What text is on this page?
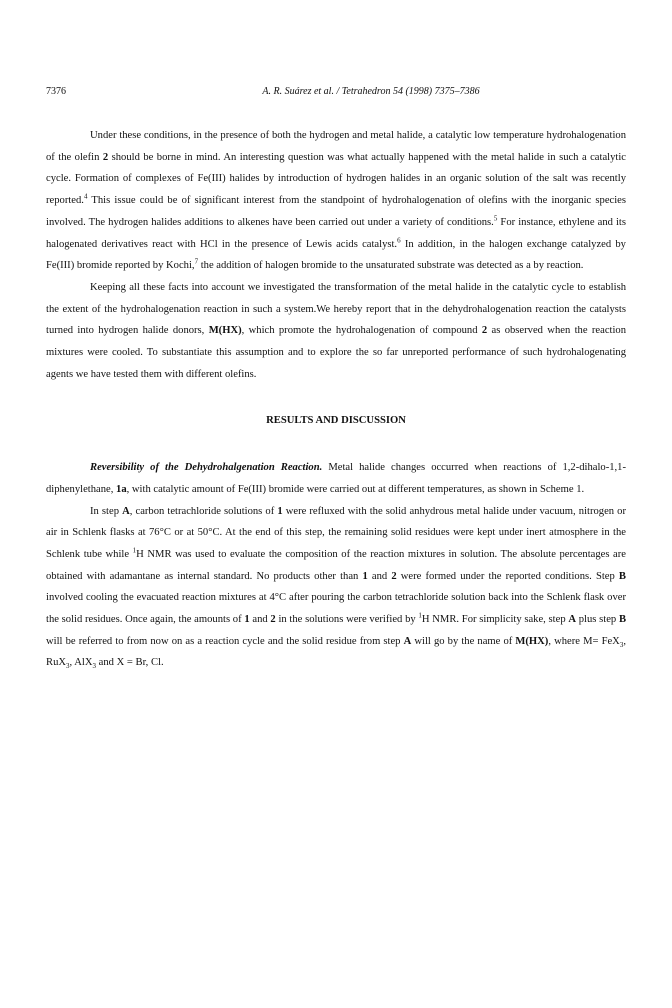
7376	A. R. Suárez et al. / Tetrahedron 54 (1998) 7375–7386

Under these conditions, in the presence of both the hydrogen and metal halide, a catalytic low temperature hydrohalogenation of the olefin 2 should be borne in mind. An interesting question was what actually happened with the metal halide in such a catalytic cycle. Formation of complexes of Fe(III) halides by introduction of hydrogen halides in an organic solution of the salt was recently reported.$^4$ This issue could be of significant interest from the standpoint of hydrohalogenation of olefins with the inorganic species involved. The hydrogen halides additions to alkenes have been carried out under a variety of conditions.$^5$ For instance, ethylene and its halogenated derivatives react with HCl in the presence of Lewis acids catalyst.$^6$ In addition, in the halogen exchange catalyzed by Fe(III) bromide reported by Kochi,$^7$ the addition of halogen bromide to the unsaturated substrate was detected as a by reaction.

Keeping all these facts into account we investigated the transformation of the metal halide in the catalytic cycle to establish the extent of the hydrohalogenation reaction in such a system.We hereby report that in the dehydrohalogenation reaction the catalysts turned into hydrogen halide donors, M(HX), which promote the hydrohalogenation of compound 2 as observed when the reaction mixtures were cooled. To substantiate this assumption and to explore the so far unreported performance of such hydrohalogenating agents we have tested them with different olefins.

RESULTS AND DISCUSSION

Reversibility of the Dehydrohalgenation Reaction. Metal halide changes occurred when reactions of 1,2-dihalo-1,1-diphenylethane, 1a, with catalytic amount of Fe(III) bromide were carried out at different temperatures, as shown in Scheme 1.

In step A, carbon tetrachloride solutions of 1 were refluxed with the solid anhydrous metal halide under vacuum, nitrogen or air in Schlenk flasks at 76°C or at 50°C. At the end of this step, the remaining solid residues were kept under inert atmosphere in the Schlenk tube while $^1$H NMR was used to evaluate the composition of the reaction mixtures in solution. The absolute percentages are obtained with adamantane as internal standard. No products other than 1 and 2 were formed under the reported conditions. Step B involved cooling the evacuated reaction mixtures at 4°C after pouring the carbon tetrachloride solution back into the Schlenk flask over the solid residues. Once again, the amounts of 1 and 2 in the solutions were verified by $^1$H NMR. For simplicity sake, step A plus step B will be referred to from now on as a reaction cycle and the solid residue from step A will go by the name of M(HX), where M= FeX$_3$, RuX$_3$, AlX$_3$ and X = Br, Cl.
